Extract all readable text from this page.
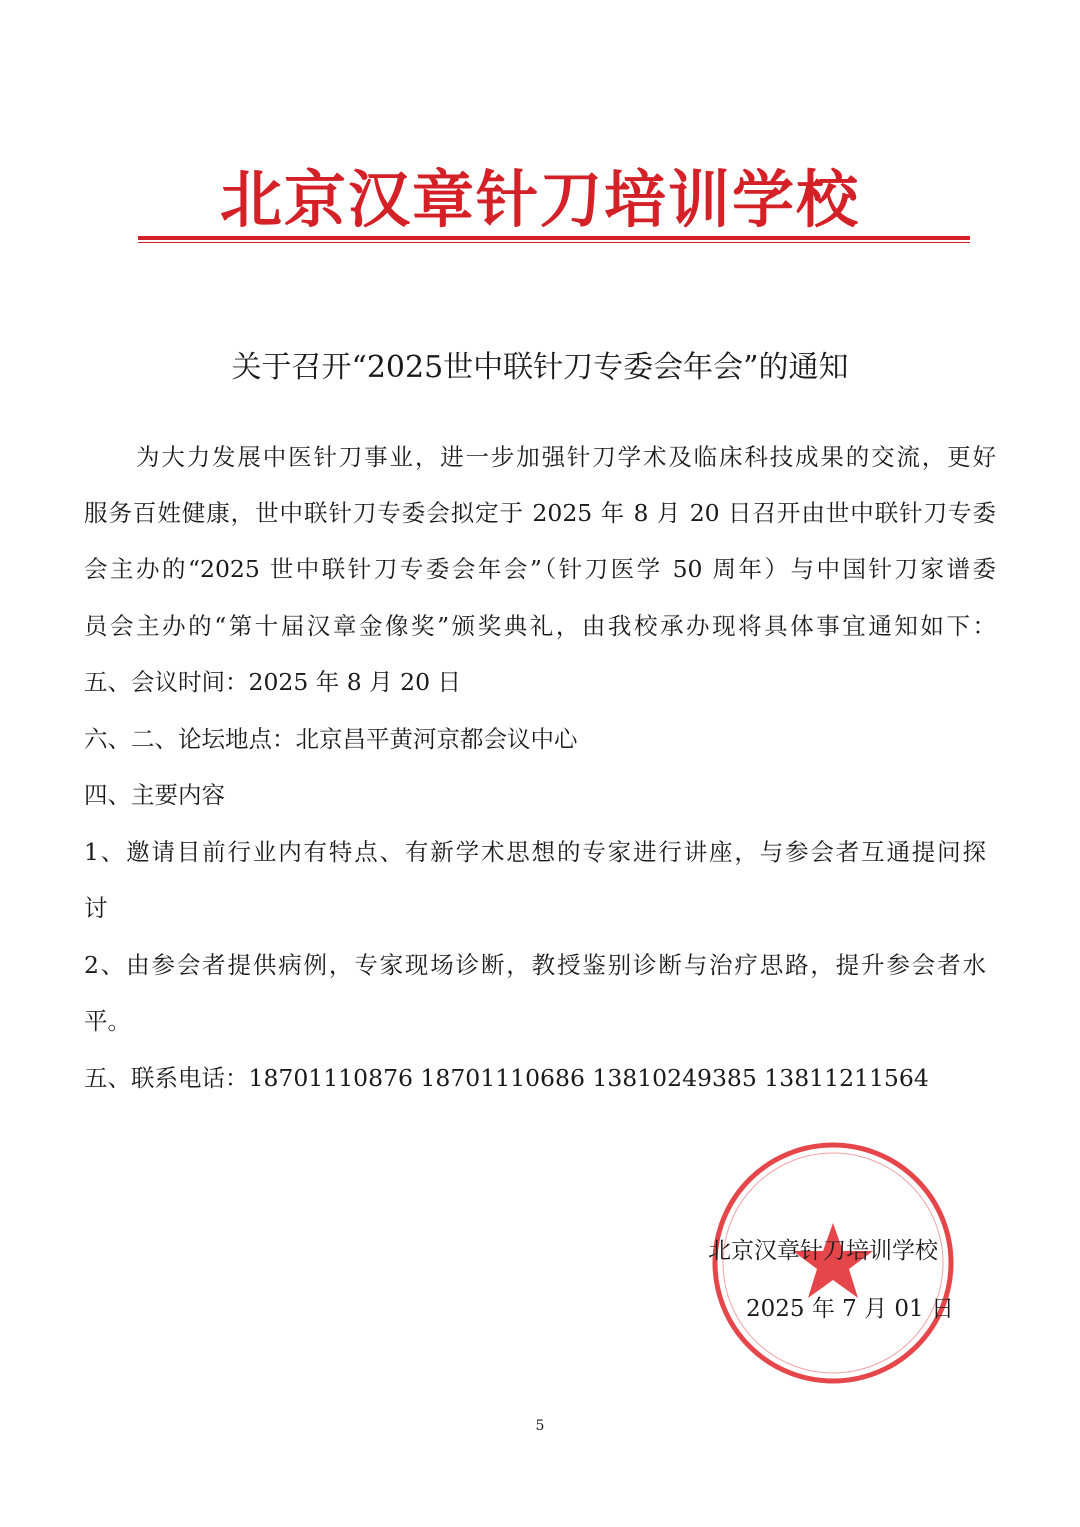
北京汉章针刀培训学校
关于召开“2025世中联针刀专委会年会”的通知
为大力发展中医针刀事业，进一步加强针刀学术及临床科技成果的交流，更好
服务百姓健康，世中联针刀专委会拟定于 2025 年 8 月 20 日召开由世中联针刀专委
会主办的“2025 世中联针刀专委会年会”（针刀医学 50 周年）与中国针刀家谱委
员会主办的“第十届汉章金像奖”颁奖典礼，由我校承办现将具体事宜通知如下：
五、会议时间：2025 年 8 月 20 日
六、二、论坛地点：北京昌平黄河京都会议中心
四、主要内容
1、邀请目前行业内有特点、有新学术思想的专家进行讲座，与参会者互通提问探
讨
2、由参会者提供病例，专家现场诊断，教授鉴别诊断与治疗思路，提升参会者水
平。
五、联系电话：18701110876 18701110686 13810249385 13811211564
北京汉章针刀培训学校
2025 年 7 月 01 日
5
